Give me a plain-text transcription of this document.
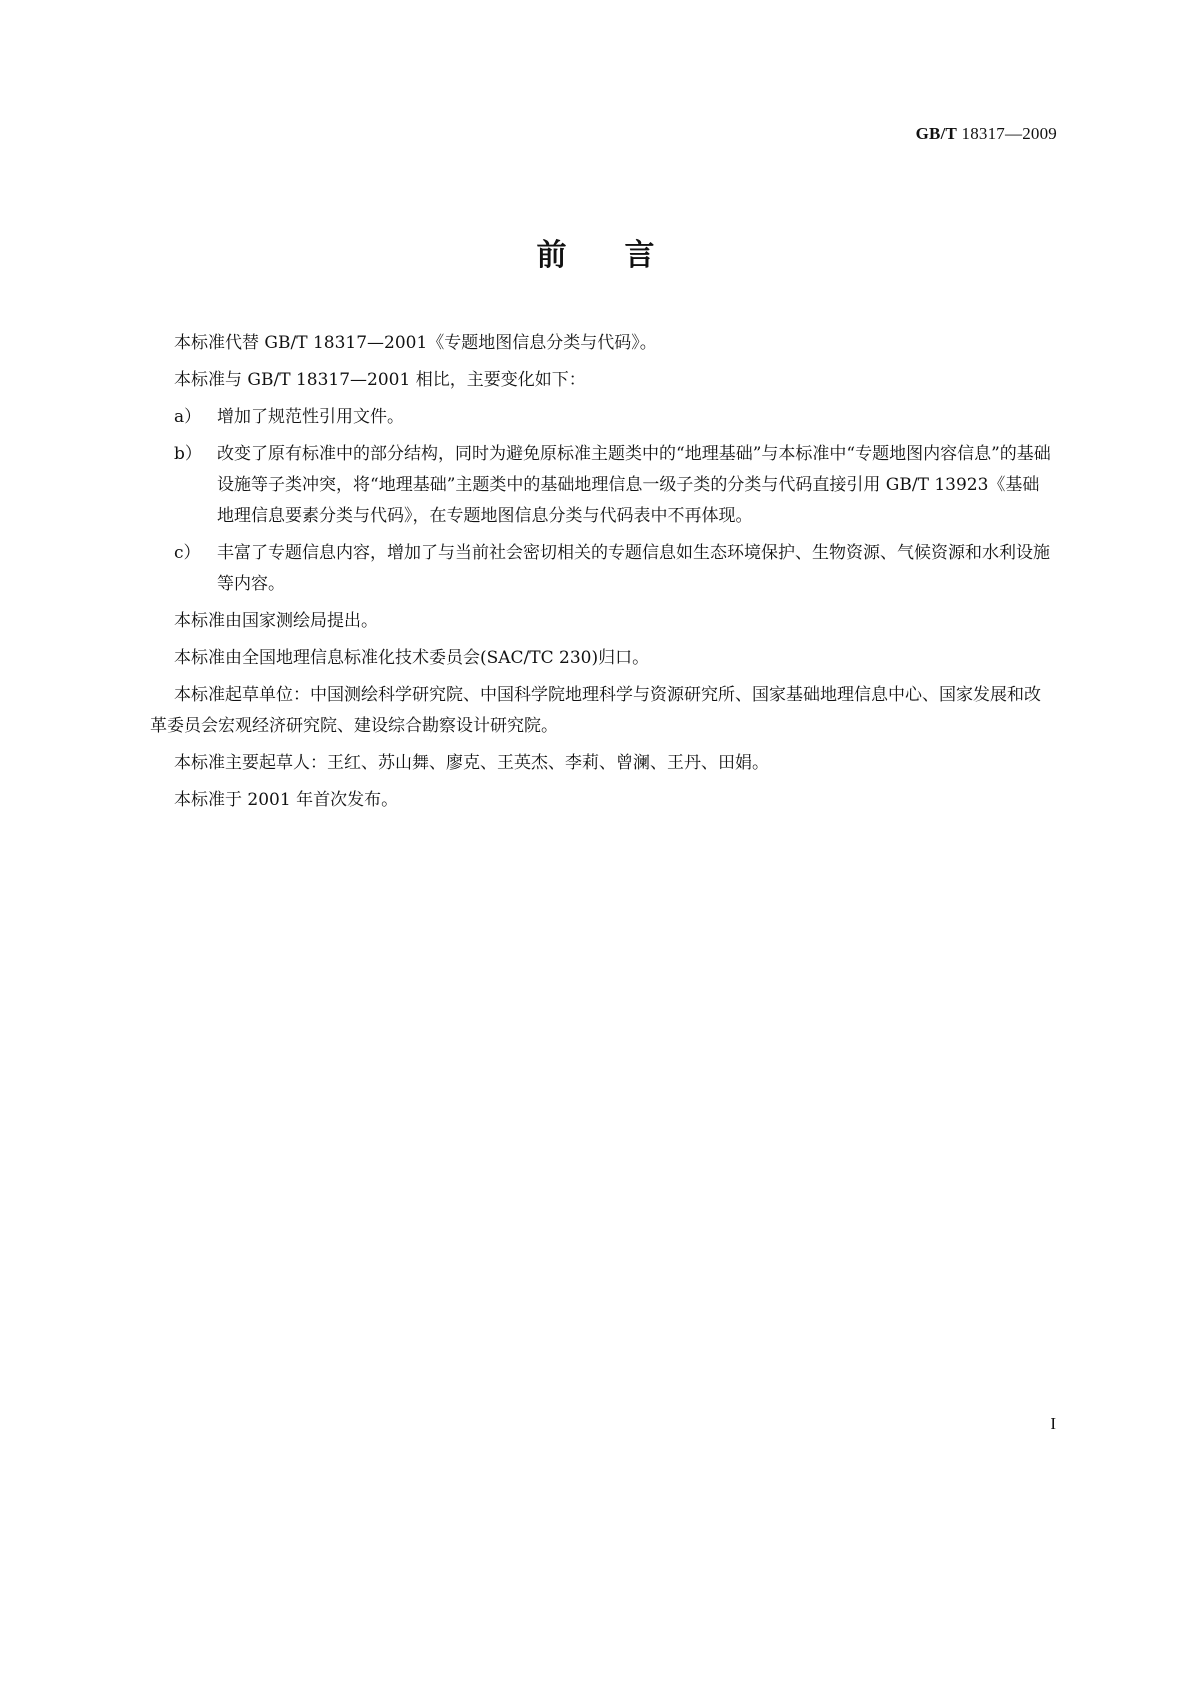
GB/T 18317—2009
前言

本标准代替 GB/T 18317—2001《专题地图信息分类与代码》。

本标准与 GB/T 18317—2001 相比，主要变化如下：

a） 增加了规范性引用文件。
b） 改变了原有标准中的部分结构，同时为避免原标准主题类中的“地理基础”与本标准中“专题地图内容信息”的基础设施等子类冲突，将“地理基础”主题类中的基础地理信息一级子类的分类与代码直接引用 GB/T 13923《基础地理信息要素分类与代码》，在专题地图信息分类与代码表中不再体现。
c） 丰富了专题信息内容，增加了与当前社会密切相关的专题信息如生态环境保护、生物资源、气候资源和水利设施等内容。

本标准由国家测绘局提出。

本标准由全国地理信息标准化技术委员会(SAC/TC 230)归口。

本标准起草单位：中国测绘科学研究院、中国科学院地理科学与资源研究所、国家基础地理信息中心、国家发展和改革委员会宏观经济研究院、建设综合勘察设计研究院。

本标准主要起草人：王红、苏山舞、廖克、王英杰、李莉、曾澜、王丹、田娟。

本标准于 2001 年首次发布。

I
